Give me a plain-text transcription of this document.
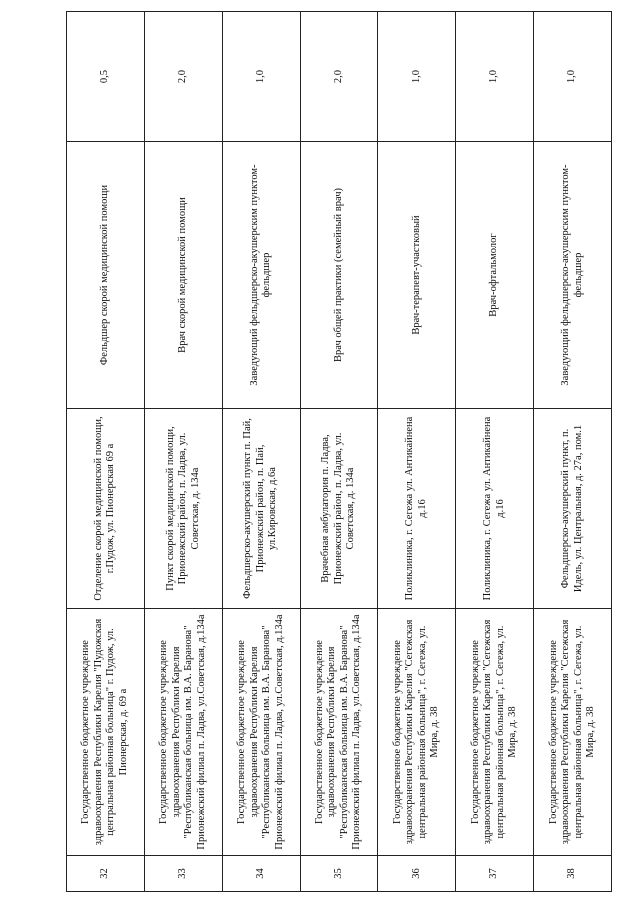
32	Государственное бюджетное учреждение здравоохранения Республики Карелия "Пудожская центральная районная больница" г. Пудож, ул. Пионерская, д. 69 а	Отделение скорой медицинской помощи, г.Пудож, ул. Пионерская 69 а	Фельдшер скорой медицинской помощи	0,5
33	Государственное бюджетное учреждение здравоохранения Республики Карелия "Республиканская больница им. В.А. Баранова" Прионежский филиал п. Ладва, ул.Советская, д.134а	Пункт скорой медицинской помощи, Прионежский район, п. Ладва, ул. Советская, д. 134а	Врач скорой медицинской помощи	2,0
34	Государственное бюджетное учреждение здравоохранения Республики Карелия "Республиканская больница им. В.А. Баранова" Прионежский филиал п. Ладва, ул.Советская, д.134а	Фельдшерско-акушерский пункт п. Пай, Прионежский район, п. Пай, ул.Кировская, д.6а	Заведующий фельдшерско-акушерским пунктом-фельдшер	1,0
35	Государственное бюджетное учреждение здравоохранения Республики Карелия "Республиканская больница им. В.А. Баранова" Прионежский филиал п. Ладва, ул.Советская, д.134а	Врачебная амбулатория п. Ладва, Прионежский район, п. Ладва, ул. Советская, д. 134а	Врач общей практики (семейный врач)	2,0
36	Государственное бюджетное учреждение здравоохранения Республики Карелия "Сегежская центральная районная больница", г. Сегежа, ул. Мира, д. 38	Поликлиника, г. Сегежа ул. Антикайнена д.16	Врач-терапевт-участковый	1,0
37	Государственное бюджетное учреждение здравоохранения Республики Карелия "Сегежская центральная районная больница", г. Сегежа, ул. Мира, д. 38	Поликлиника, г. Сегежа ул. Антикайнена д.16	Врач-офтальмолог	1,0
38	Государственное бюджетное учреждение здравоохранения Республики Карелия "Сегежская центральная районная больница", г. Сегежа, ул. Мира, д. 38	Фельдшерско-акушерский пункт, п. Идель, ул. Центральная, д. 27а, пом.1	Заведующий фельдшерско-акушерским пунктом-фельдшер	1,0
